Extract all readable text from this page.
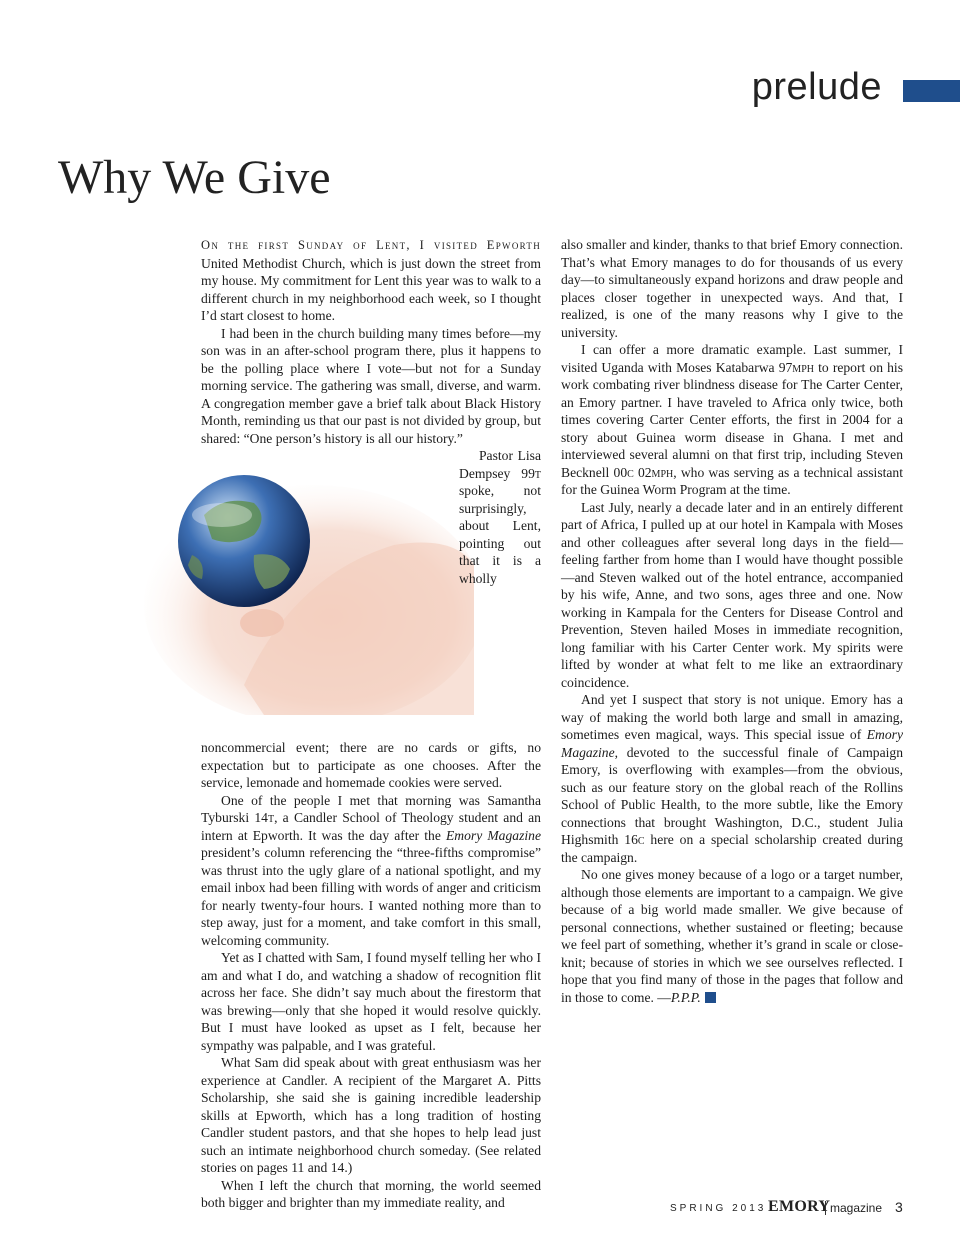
prelude
Why We Give

On the first Sunday of Lent, I visited Epworth United Methodist Church, which is just down the street from my house. My commitment for Lent this year was to walk to a different church in my neighborhood each week, so I thought I’d start closest to home.

I had been in the church building many times before—my son was in an after-school program there, plus it happens to be the polling place where I vote—but not for a Sunday morning service. The gathering was small, diverse, and warm. A congregation member gave a brief talk about Black History Month, reminding us that our past is not divided by group, but shared: “One person’s history is all our history.”

Pastor Lisa Dempsey 99t spoke, not surprisingly, about Lent, pointing out that it is a wholly noncommercial event; there are no cards or gifts, no expectation but to participate as one chooses. After the service, lemonade and homemade cookies were served.

One of the people I met that morning was Samantha Tyburski 14t, a Candler School of Theology student and an intern at Epworth. It was the day after the Emory Magazine president’s column referencing the “three-fifths compromise” was thrust into the ugly glare of a national spotlight, and my email inbox had been filling with words of anger and criticism for nearly twenty-four hours. I wanted nothing more than to step away, just for a moment, and take comfort in this small, welcoming community.

Yet as I chatted with Sam, I found myself telling her who I am and what I do, and watching a shadow of recognition flit across her face. She didn’t say much about the firestorm that was brewing—only that she hoped it would resolve quickly. But I must have looked as upset as I felt, because her sympathy was palpable, and I was grateful.

What Sam did speak about with great enthusiasm was her experience at Candler. A recipient of the Margaret A. Pitts Scholarship, she said she is gaining incredible leadership skills at Epworth, which has a long tradition of hosting Candler student pastors, and that she hopes to help lead just such an intimate neighborhood church someday. (See related stories on pages 11 and 14.)

When I left the church that morning, the world seemed both bigger and brighter than my immediate reality, and

also smaller and kinder, thanks to that brief Emory connection. That’s what Emory manages to do for thousands of us every day—to simultaneously expand horizons and draw people and places closer together in unexpected ways. And that, I realized, is one of the many reasons why I give to the university.

I can offer a more dramatic example. Last summer, I visited Uganda with Moses Katabarwa 97mph to report on his work combating river blindness disease for The Carter Center, an Emory partner. I have traveled to Africa only twice, both times covering Carter Center efforts, the first in 2004 for a story about Guinea worm disease in Ghana. I met and interviewed several alumni on that first trip, including Steven Becknell 00c 02mph, who was serving as a technical assistant for the Guinea Worm Program at the time.

Last July, nearly a decade later and in an entirely different part of Africa, I pulled up at our hotel in Kampala with Moses and other colleagues after several long days in the field—feeling farther from home than I would have thought possible—and Steven walked out of the hotel entrance, accompanied by his wife, Anne, and two sons, ages three and one. Now working in Kampala for the Centers for Disease Control and Prevention, Steven hailed Moses in immediate recognition, long familiar with his Carter Center work. My spirits were lifted by wonder at what felt to me like an extraordinary coincidence.

And yet I suspect that story is not unique. Emory has a way of making the world both large and small in amazing, sometimes even magical, ways. This special issue of Emory Magazine, devoted to the successful finale of Campaign Emory, is overflowing with examples—from the obvious, such as our feature story on the global reach of the Rollins School of Public Health, to the more subtle, like the Emory connections that brought Washington, D.C., student Julia Highsmith 16c here on a special scholarship created during the campaign.

No one gives money because of a logo or a target number, although those elements are important to a campaign. We give because of a big world made smaller. We give because of personal connections, whether sustained or fleeting; because we feel part of something, whether it’s grand in scale or close-knit; because of stories in which we see ourselves reflected. I hope that you find many of those in the pages that follow and in those to come. —P.P.P.

SPRING 2013 EMORY magazine 3
